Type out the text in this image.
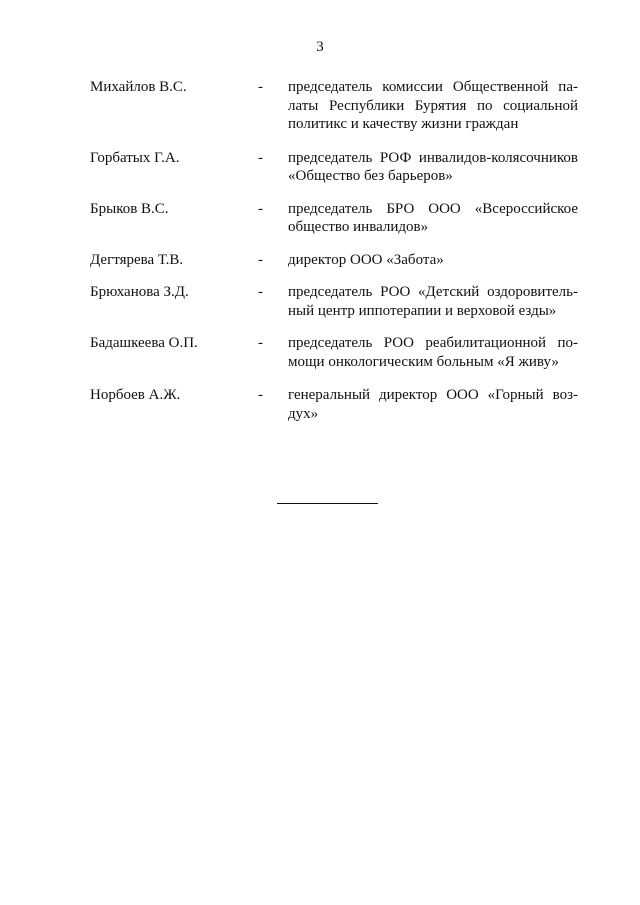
3
Михайлов В.С.	-	председатель комиссии Общественной па-
латы Республики Бурятия по социальной
политикс и качеству жизни граждан
Горбатых Г.А.	-	председатель РОФ инвалидов-колясочников
«Общество без барьеров»
Брыков В.С.	-	председатель БРО ООО «Всероссийское
общество инвалидов»
Дегтярева Т.В.	-	директор ООО «Забота»
Брюханова З.Д.	-	председатель РОО «Детский оздоровитель-
ный центр иппотерапии и верховой езды»
Бадашкеева О.П.	-	председатель РОО реабилитационной по-
мощи онкологическим больным «Я живу»
Норбоев А.Ж.	-	генеральный директор ООО «Горный воз-
дух»
